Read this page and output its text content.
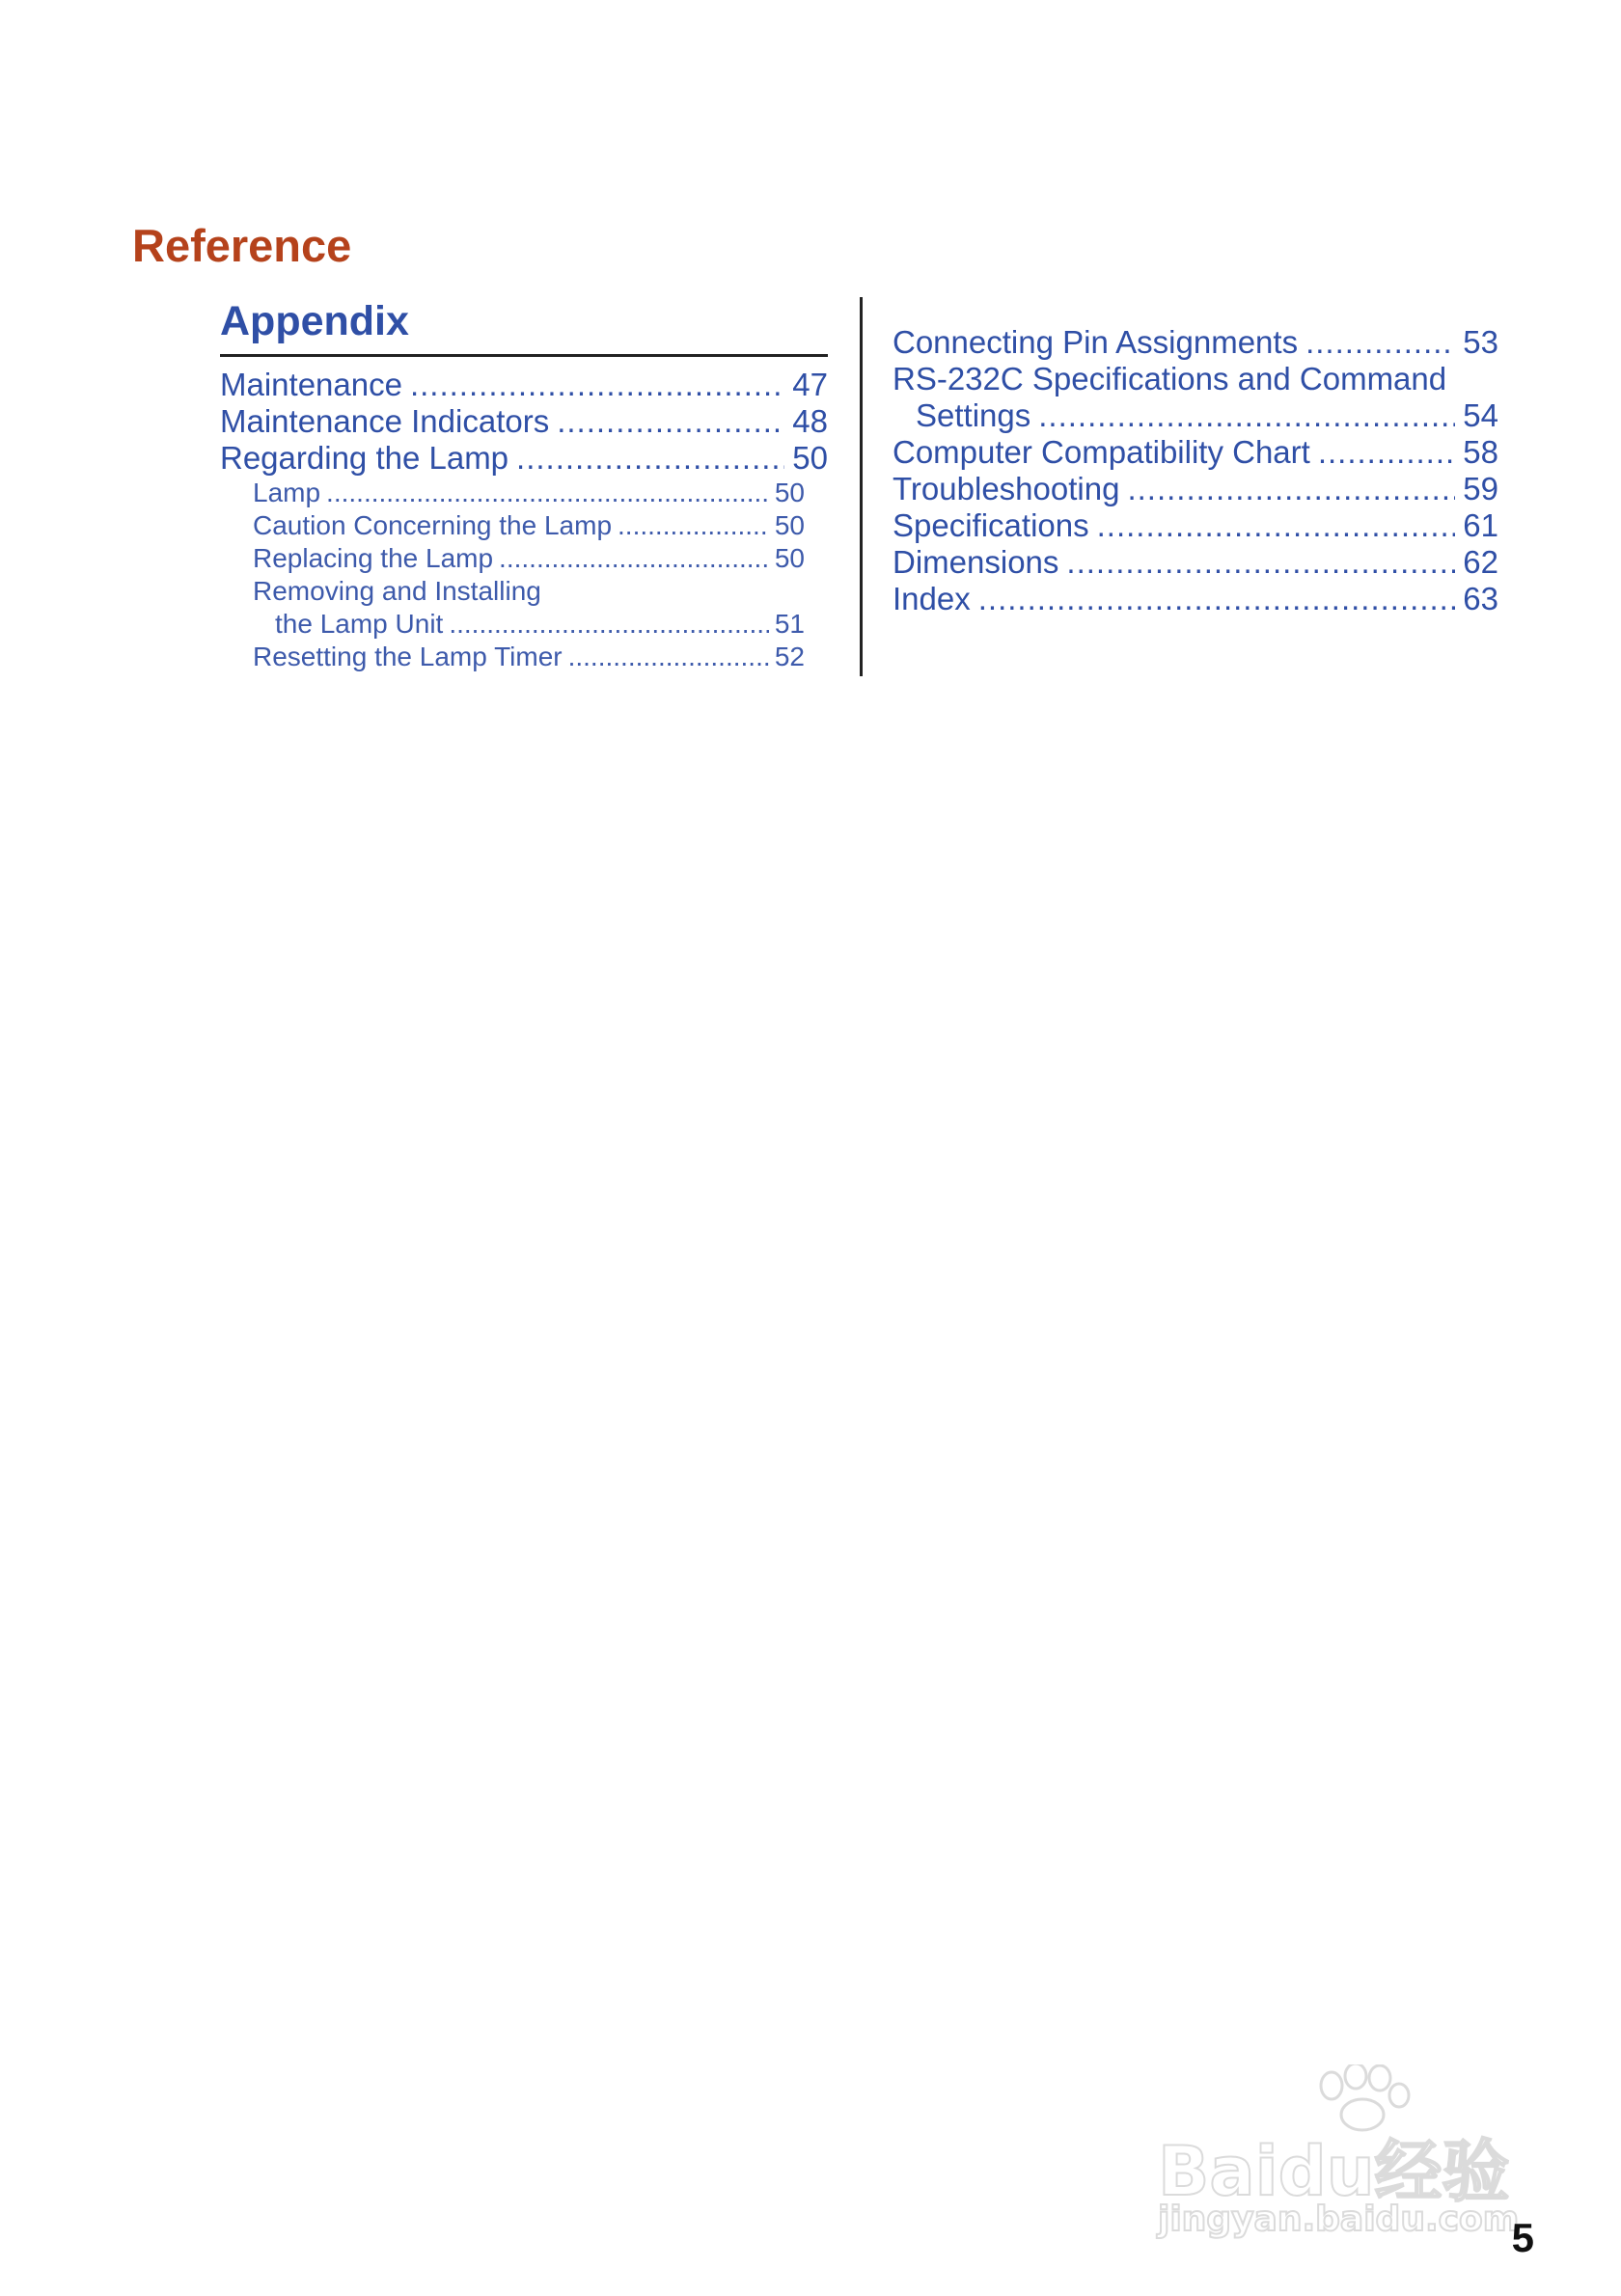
Reference
Appendix
Maintenance .....	47
Maintenance Indicators .....	48
Regarding the Lamp .....	50
Lamp .....	50
Caution Concerning the Lamp .....	50
Replacing the Lamp .....	50
Removing and Installing
the Lamp Unit .....	51
Resetting the Lamp Timer .....	52
Connecting Pin Assignments .....	53
RS-232C Specifications and Command
Settings .....	54
Computer Compatibility Chart .....	58
Troubleshooting .....	59
Specifications .....	61
Dimensions .....	62
Index .....	63
Baidu经验
jingyan.baidu.com
5
